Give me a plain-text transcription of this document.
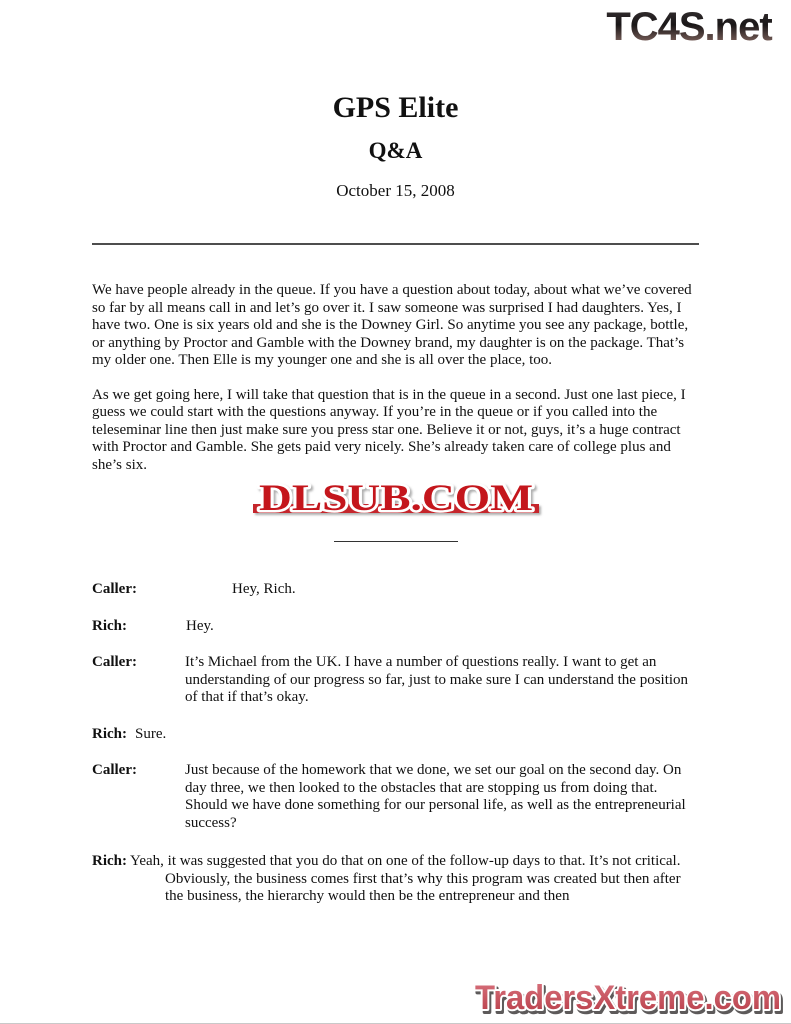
TC4S.net
GPS Elite
Q&A
October 15, 2008

We have people already in the queue. If you have a question about today, about what we’ve covered so far by all means call in and let’s go over it. I saw someone was surprised I had daughters. Yes, I have two. One is six years old and she is the Downey Girl. So anytime you see any package, bottle, or anything by Proctor and Gamble with the Downey brand, my daughter is on the package. That’s my older one. Then Elle is my younger one and she is all over the place, too.

As we get going here, I will take that question that is in the queue in a second. Just one last piece, I guess we could start with the questions anyway. If you’re in the queue or if you called into the teleseminar line then just make sure you press star one. Believe it or not, guys, it’s a huge contract with Proctor and Gamble. She gets paid very nicely. She’s already taken care of college plus and she’s six.

DLSUB.COM
Caller:	Hey, Rich.

Rich:	Hey.

Caller:	It’s Michael from the UK. I have a number of questions really. I want to get an understanding of our progress so far, just to make sure I can understand the position of that if that’s okay.

Rich: Sure.

Caller:	Just because of the homework that we done, we set our goal on the second day. On day three, we then looked to the obstacles that are stopping us from doing that. Should we have done something for our personal life, as well as the entrepreneurial success?

Rich: Yeah, it was suggested that you do that on one of the follow-up days to that. It’s not critical. Obviously, the business comes first that’s why this program was created but then after the business, the hierarchy would then be the entrepreneur and then

TradersXtreme.com
